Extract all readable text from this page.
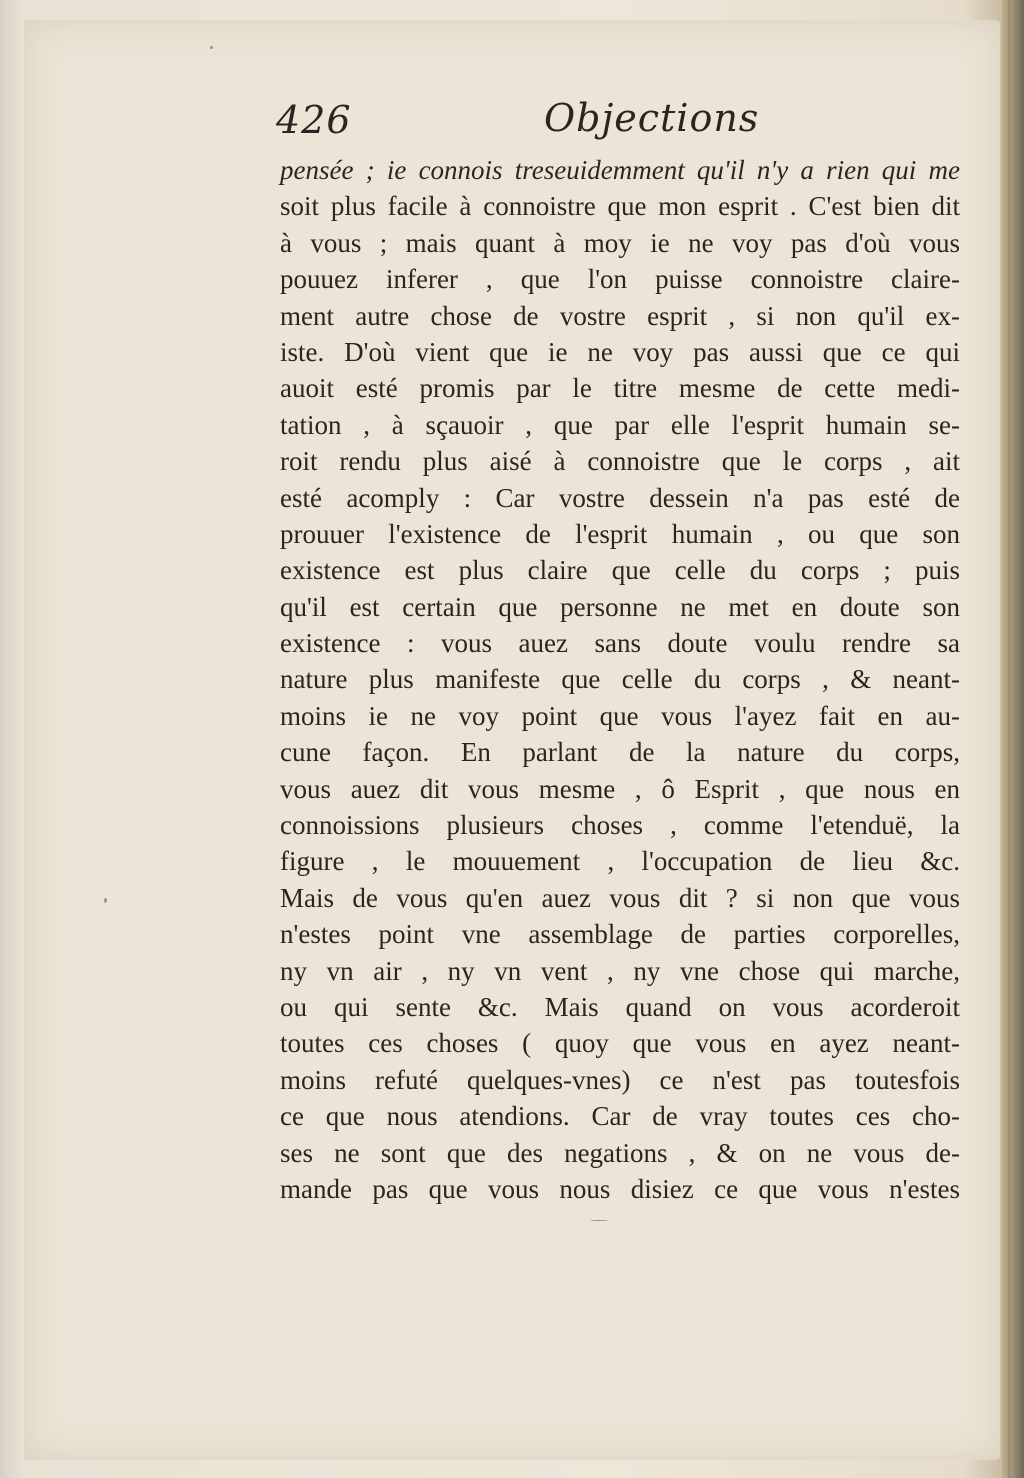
426	Objections
pensée ; ie connois treseuidemment qu'il n'y a rien qui me
soit plus facile à connoistre que mon esprit . C'est bien dit
à vous ; mais quant à moy ie ne voy pas d'où vous
pouuez inferer , que l'on puisse connoistre claire-
ment autre chose de vostre esprit , si non qu'il ex-
iste. D'où vient que ie ne voy pas aussi que ce qui
auoit esté promis par le titre mesme de cette medi-
tation , à sçauoir , que par elle l'esprit humain se-
roit rendu plus aisé à connoistre que le corps , ait
esté acomply : Car vostre dessein n'a pas esté de
prouuer l'existence de l'esprit humain , ou que son
existence est plus claire que celle du corps ; puis
qu'il est certain que personne ne met en doute son
existence : vous auez sans doute voulu rendre sa
nature plus manifeste que celle du corps , & neant-
moins ie ne voy point que vous l'ayez fait en au-
cune façon. En parlant de la nature du corps,
vous auez dit vous mesme , ô Esprit , que nous en
connoissions plusieurs choses , comme l'etenduë, la
figure , le mouuement , l'occupation de lieu &c.
Mais de vous qu'en auez vous dit ? si non que vous
n'estes point vne assemblage de parties corporelles,
ny vn air , ny vn vent , ny vne chose qui marche,
ou qui sente &c. Mais quand on vous acorderoit
toutes ces choses ( quoy que vous en ayez neant-
moins refuté quelques-vnes) ce n'est pas toutesfois
ce que nous atendions. Car de vray toutes ces cho-
ses ne sont que des negations , & on ne vous de-
mande pas que vous nous disiez ce que vous n'estes
